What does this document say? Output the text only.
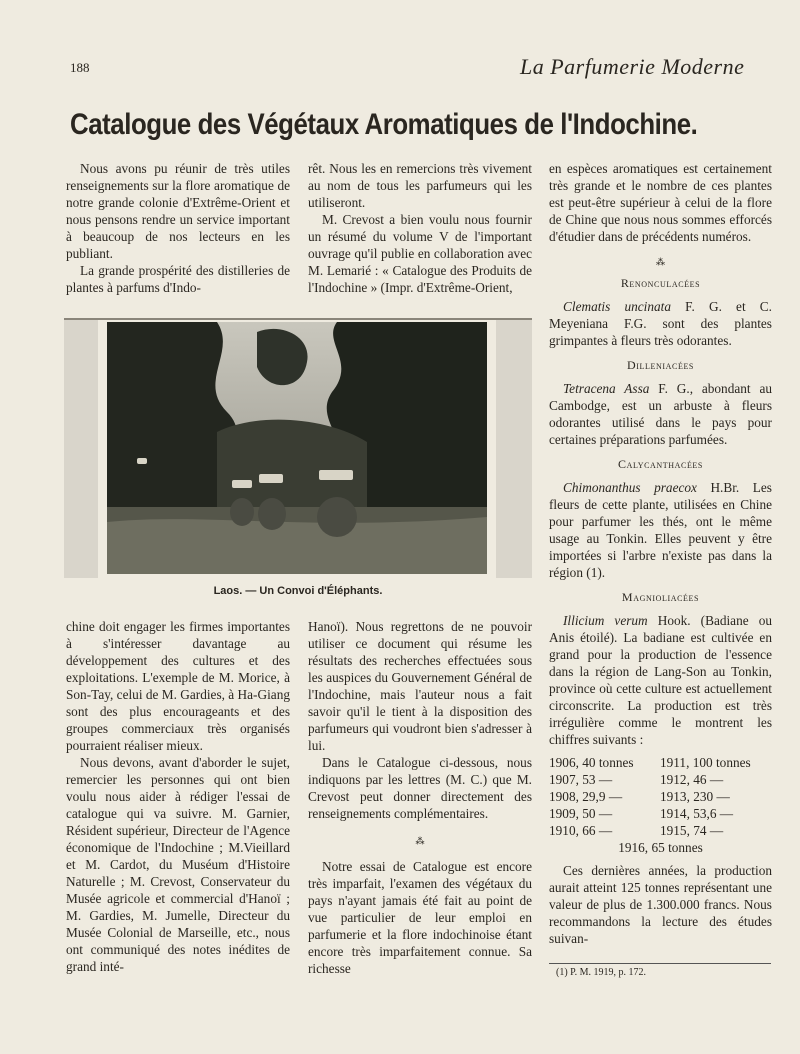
188	La Parfumerie Moderne
Catalogue des Végétaux Aromatiques de l'Indochine.

Nous avons pu réunir de très utiles renseignements sur la flore aromatique de notre grande colonie d'Extrême-Orient et nous pensons rendre un service important à beaucoup de nos lecteurs en les publiant.

La grande prospérité des distilleries de plantes à parfums d'Indo-

rêt. Nous les en remercions très vivement au nom de tous les parfumeurs qui les utiliseront.

M. Crevost a bien voulu nous fournir un résumé du volume V de l'important ouvrage qu'il publie en collaboration avec M. Lemarié : « Catalogue des Produits de l'Indochine » (Impr. d'Extrême-Orient,

Laos. — Un Convoi d'Éléphants.

chine doit engager les firmes importantes à s'intéresser davantage au développement des cultures et des exploitations. L'exemple de M. Morice, à Son-Tay, celui de M. Gardies, à Ha-Giang sont des plus encourageants et des groupes commerciaux très organisés pourraient réaliser mieux.

Nous devons, avant d'aborder le sujet, remercier les personnes qui ont bien voulu nous aider à rédiger l'essai de catalogue qui va suivre. M. Garnier, Résident supérieur, Directeur de l'Agence économique de l'Indochine ; M.Vieillard et M. Cardot, du Muséum d'Histoire Naturelle ; M. Crevost, Conservateur du Musée agricole et commercial d'Hanoï ; M. Gardies, M. Jumelle, Directeur du Musée Colonial de Marseille, etc., nous ont communiqué des notes inédites de grand inté-

Hanoï). Nous regrettons de ne pouvoir utiliser ce document qui résume les résultats des recherches effectuées sous les auspices du Gouvernement Général de l'Indochine, mais l'auteur nous a fait savoir qu'il le tient à la disposition des parfumeurs qui voudront bien s'adresser à lui.

Dans le Catalogue ci-dessous, nous indiquons par les lettres (M. C.) que M. Crevost peut donner directement des renseignements complémentaires.

⁂

Notre essai de Catalogue est encore très imparfait, l'examen des végétaux du pays n'ayant jamais été fait au point de vue particulier de leur emploi en parfumerie et la flore indochinoise étant encore très imparfaitement connue. Sa richesse

en espèces aromatiques est certainement très grande et le nombre de ces plantes est peut-être supérieur à celui de la flore de Chine que nous nous sommes efforcés d'étudier dans de précédents numéros.

⁂
Renonculacées

Clematis uncinata F. G. et C. Meyeniana F.G. sont des plantes grimpantes à fleurs très odorantes.

Dilleniacées

Tetracena Assa F. G., abondant au Cambodge, est un arbuste à fleurs odorantes utilisé dans le pays pour certaines préparations parfumées.

Calycanthacées

Chimonanthus praecox H.Br. Les fleurs de cette plante, utilisées en Chine pour parfumer les thés, ont le même usage au Tonkin. Elles peuvent y être importées si l'arbre n'existe pas dans la région (1).

Magnioliacées

Illicium verum Hook. (Badiane ou Anis étoilé). La badiane est cultivée en grand pour la production de l'essence dans la région de Lang-Son au Tonkin, province où cette culture est actuellement circonscrite. La production est très irrégulière comme le montrent les chiffres suivants :

1906, 40 tonnes	1911, 100 tonnes
1907, 53 —	1912, 46 —
1908, 29,9 —	1913, 230 —
1909, 50 —	1914, 53,6 —
1910, 66 —	1915, 74 —
1916, 65 tonnes

Ces dernières années, la production aurait atteint 125 tonnes représentant une valeur de plus de 1.300.000 francs. Nous recommandons la lecture des études suivan-

(1) P. M. 1919, p. 172.
